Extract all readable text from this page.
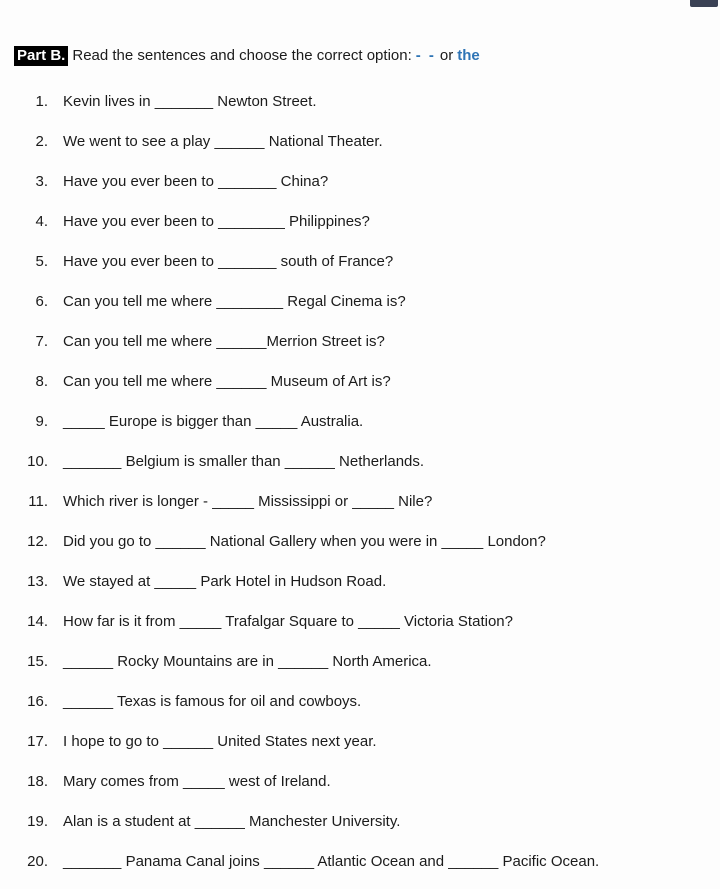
Part B. Read the sentences and choose the correct option: - - or the
1. Kevin lives in _______ Newton Street.
2. We went to see a play ______ National Theater.
3. Have you ever been to _______ China?
4. Have you ever been to ________ Philippines?
5. Have you ever been to _______ south of France?
6. Can you tell me where ________ Regal Cinema is?
7. Can you tell me where ______Merrion Street is?
8. Can you tell me where ______ Museum of Art is?
9. _____ Europe is bigger than _____ Australia.
10. _______ Belgium is smaller than ______ Netherlands.
11. Which river is longer - _____ Mississippi or _____ Nile?
12. Did you go to ______ National Gallery when you were in _____ London?
13. We stayed at _____ Park Hotel in Hudson Road.
14. How far is it from _____ Trafalgar Square to _____ Victoria Station?
15. ______ Rocky Mountains are in ______ North America.
16. ______ Texas is famous for oil and cowboys.
17. I hope to go to ______ United States next year.
18. Mary comes from _____ west of Ireland.
19. Alan is a student at ______ Manchester University.
20. _______ Panama Canal joins ______ Atlantic Ocean and ______ Pacific Ocean.
